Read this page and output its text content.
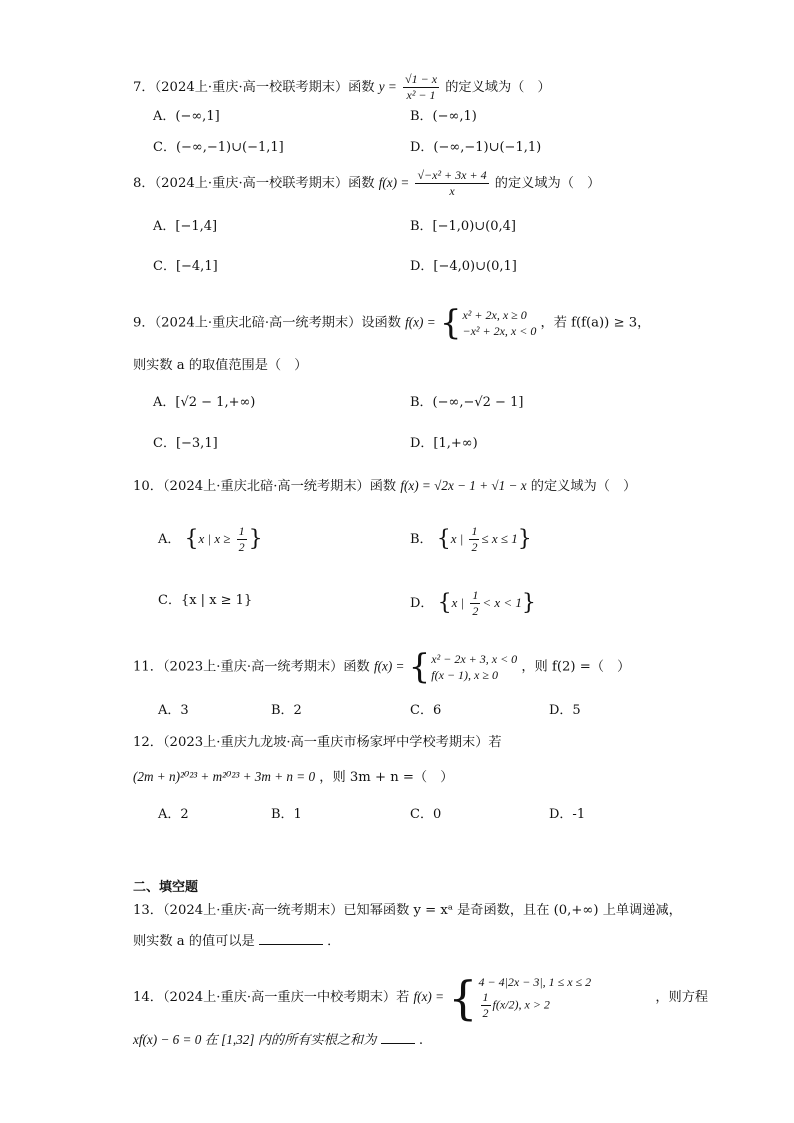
7．（2024上·重庆·高一校联考期末）函数 $y = \frac{√1 - x}{\text{x² − 1}}$ 的定义域为（　）
A．(−∞,1]	B．(−∞,1)
C．(−∞,−1)∪(−1,1]	D．(−∞,−1)∪(−1,1)
8．（2024上·重庆·高一校联考期末）函数 $f(x) = \frac{\text{√−x² + 3x + 4}}{x}$ 的定义域为（　）
A．[−1,4]	B．[−1,0)∪(0,4]
C．[−4,1]	D．[−4,0)∪(0,1]
9．（2024上·重庆北碚·高一统考期末）设函数 f(x) = { x² + 2x, x ≥ 0
−x² + 2x, x < 0
，若 f(f(a)) ≥ 3，
则实数 a 的取值范围是（　）
A．[√2 − 1,+∞)	B．(−∞,−√2 − 1]
C．[−3,1]	D．[1,+∞)
10．（2024上·重庆北碚·高一统考期末）函数 f(x) = √2x − 1 + √1 − x 的定义域为（　）
A． {x | $x \ge \frac{1}{2}$ }	B． {x | $\frac{1}{2} \le x \le 1$}
C．{x | x ≥ 1}	D． {x | $\frac{1}{2} < x < 1$}
11．（2023上·重庆·高一统考期末）函数 f(x) = { x² − 2x + 3, x < 0
f(x − 1), x ≥ 0
，则 f(2) =（　）
A．3	B．2	C．6	D．5
12．（2023上·重庆九龙坡·高一重庆市杨家坪中学校考期末）若
(2m + n)²⁰²³ + m²⁰²³ + 3m + n = 0 ，则 3m + n =（　）
A．2	B．1	C．0	D．-1
二、填空题
13．（2024上·重庆·高一统考期末）已知幂函数 y = xᵃ 是奇函数，且在 (0,+∞) 上单调递减，
则实数 a 的值可以是	．
14．（2024上·重庆·高一重庆一中校考期末）若 f(x) = { 4 − 4|2x − 3|, 1 ≤ x ≤ 2
$\frac{1}{2} f(x/2)$, x > 2	，则方程
xf(x) − 6 = 0 在 [1,32] 内的所有实根之和为	.
